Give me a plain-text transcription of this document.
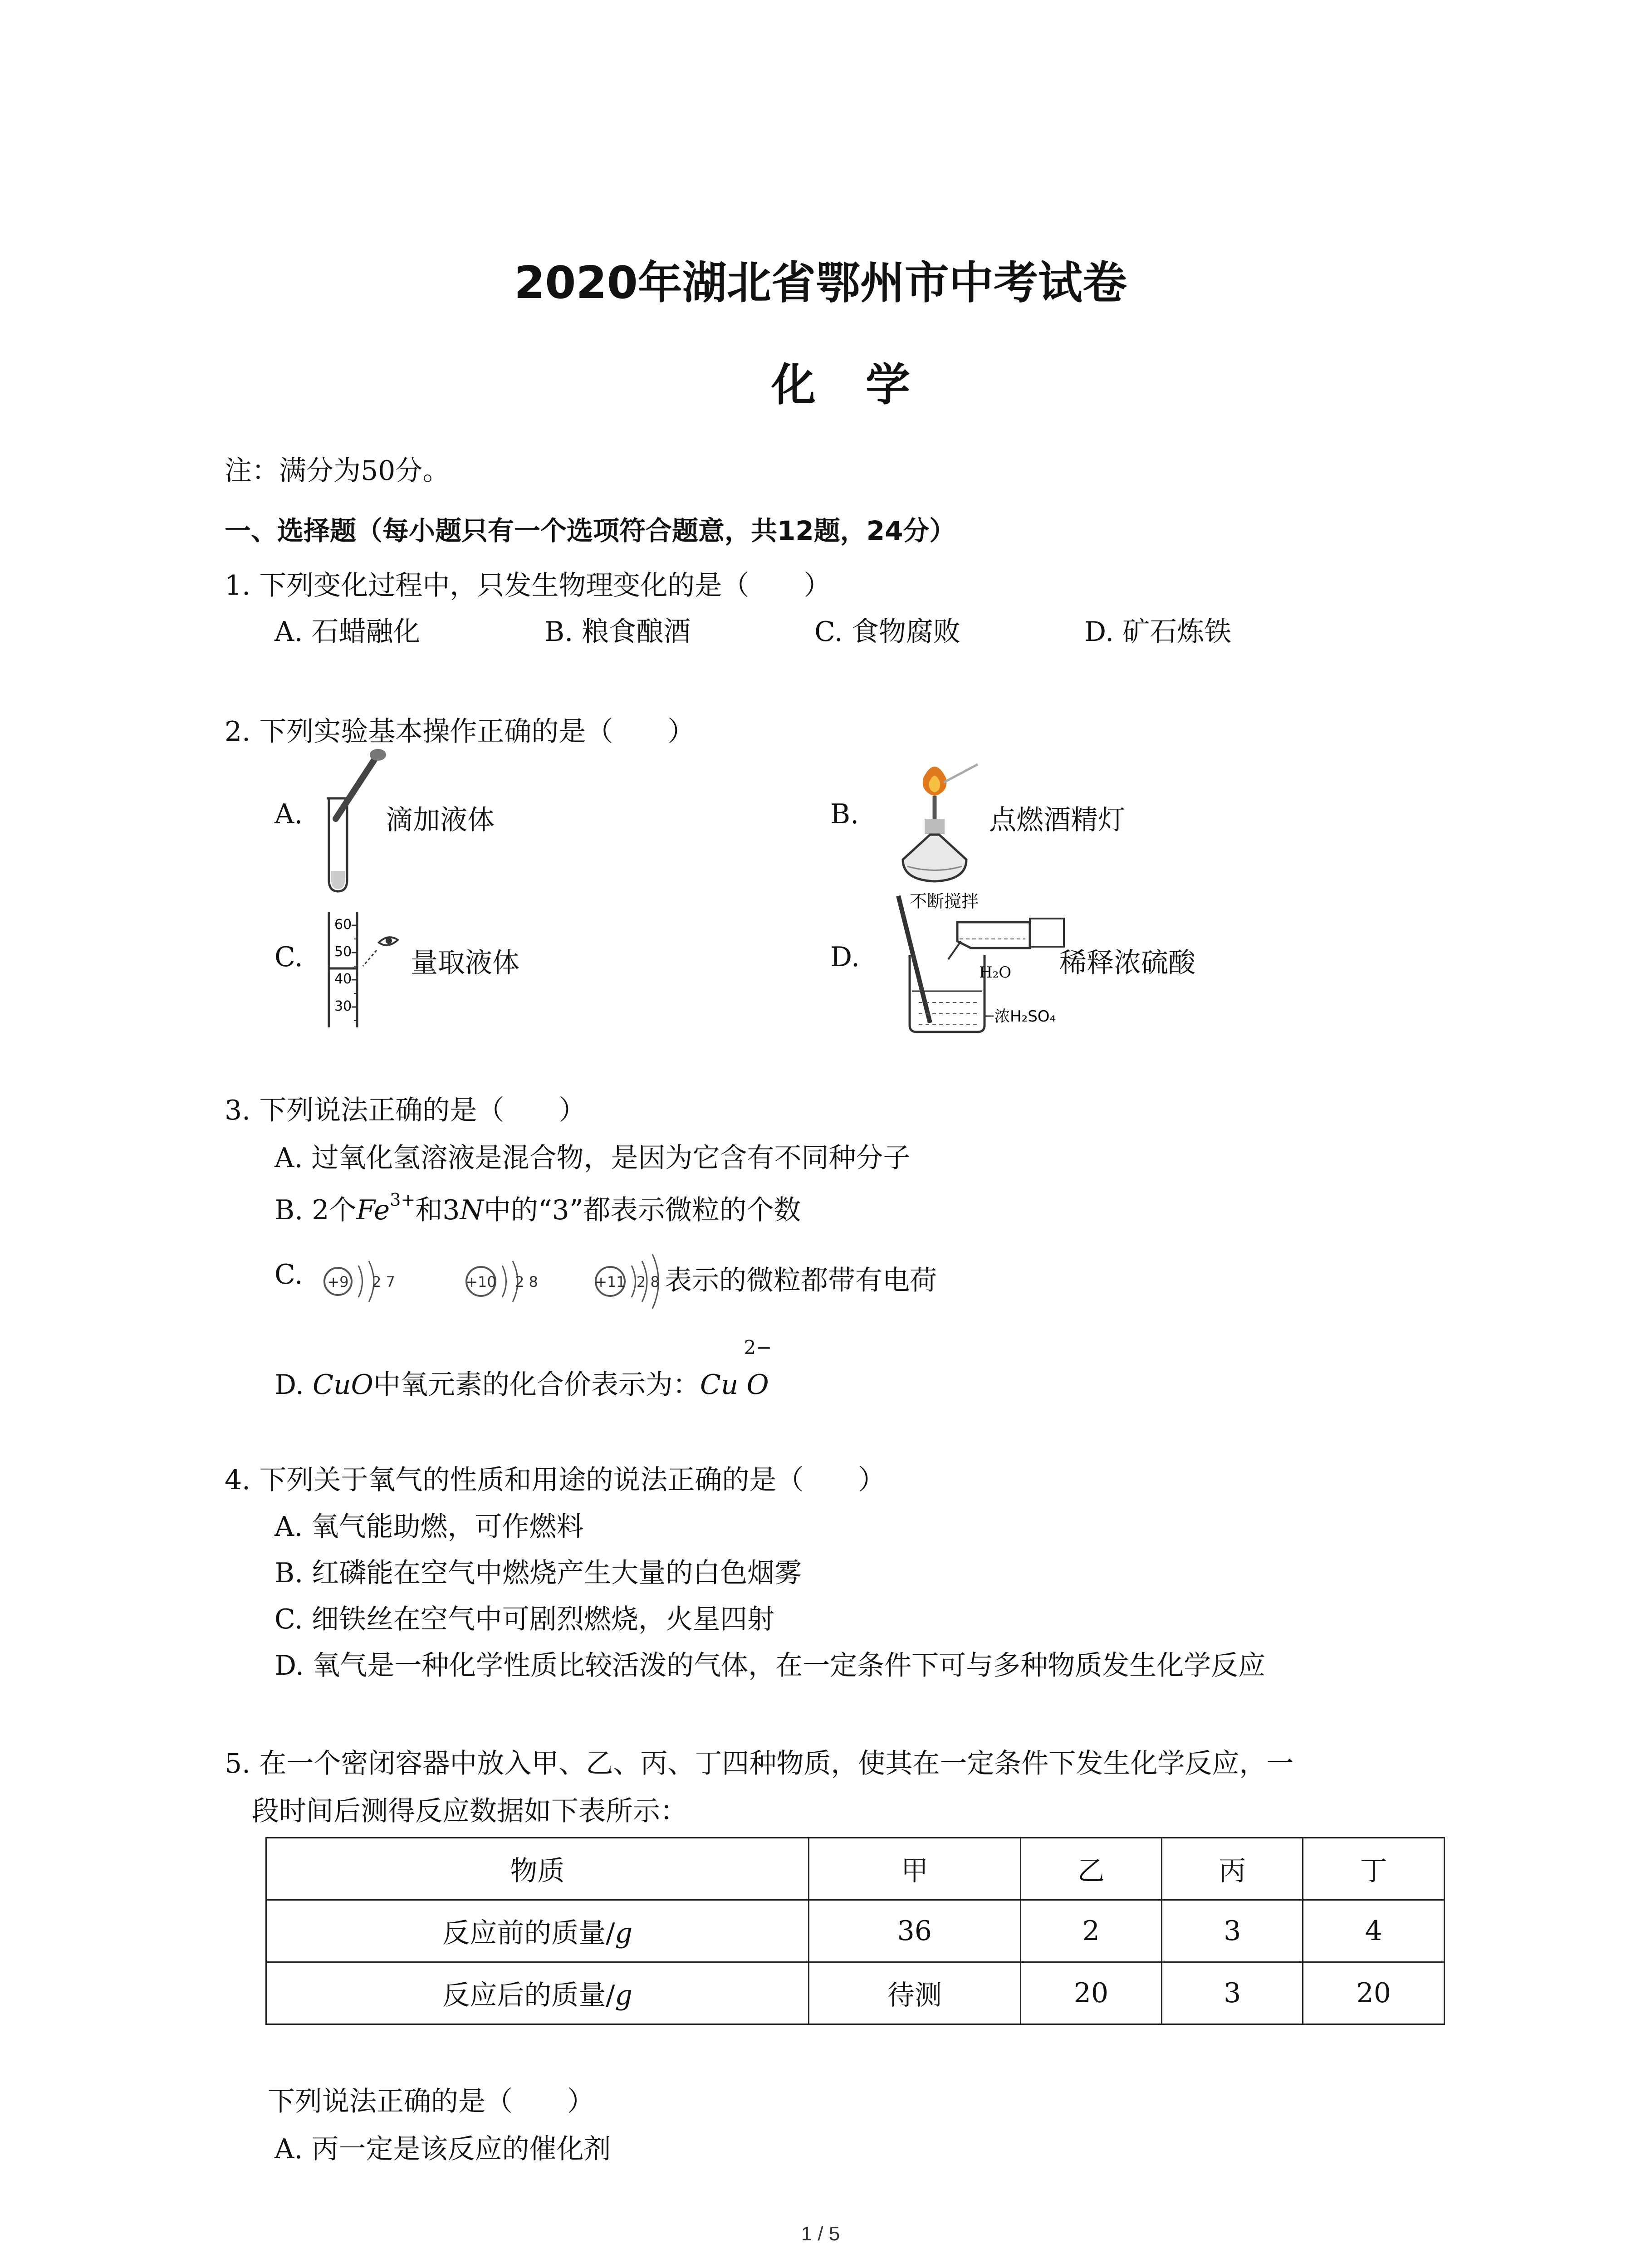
2020年湖北省鄂州市中考试卷
化学
注：满分为50分。
一、选择题（每小题只有一个选项符合题意，共12题，24分）
1. 下列变化过程中，只发生物理变化的是（　　）
A. 石蜡融化	B. 粮食酿酒	C. 食物腐败	D. 矿石炼铁
2. 下列实验基本操作正确的是（　　）
A.	滴加液体	B.	点燃酒精灯
C.
60
50
40
30
量取液体	D.
不断搅拌
H₂O
浓H₂SO₄
稀释浓硫酸
3. 下列说法正确的是（　　）
A. 过氧化氢溶液是混合物，是因为它含有不同种分子
B. 2个$Fe^{3+}$和3N中的“3”都表示微粒的个数
C. +9 2 7	+10 2 8	+11 2 8 表示的微粒都带有电荷
D. CuO中氧元素的化合价表示为：Cu O
2−
4. 下列关于氧气的性质和用途的说法正确的是（　　）
A. 氧气能助燃，可作燃料
B. 红磷能在空气中燃烧产生大量的白色烟雾
C. 细铁丝在空气中可剧烈燃烧，火星四射
D. 氧气是一种化学性质比较活泼的气体，在一定条件下可与多种物质发生化学反应
5. 在一个密闭容器中放入甲、乙、丙、丁四种物质，使其在一定条件下发生化学反应，一
段时间后测得反应数据如下表所示：
物质	甲	乙	丙	丁
反应前的质量/g	36	2	3	4
反应后的质量/g	待测	20	3	20
下列说法正确的是（　　）
A. 丙一定是该反应的催化剂
1 / 5
